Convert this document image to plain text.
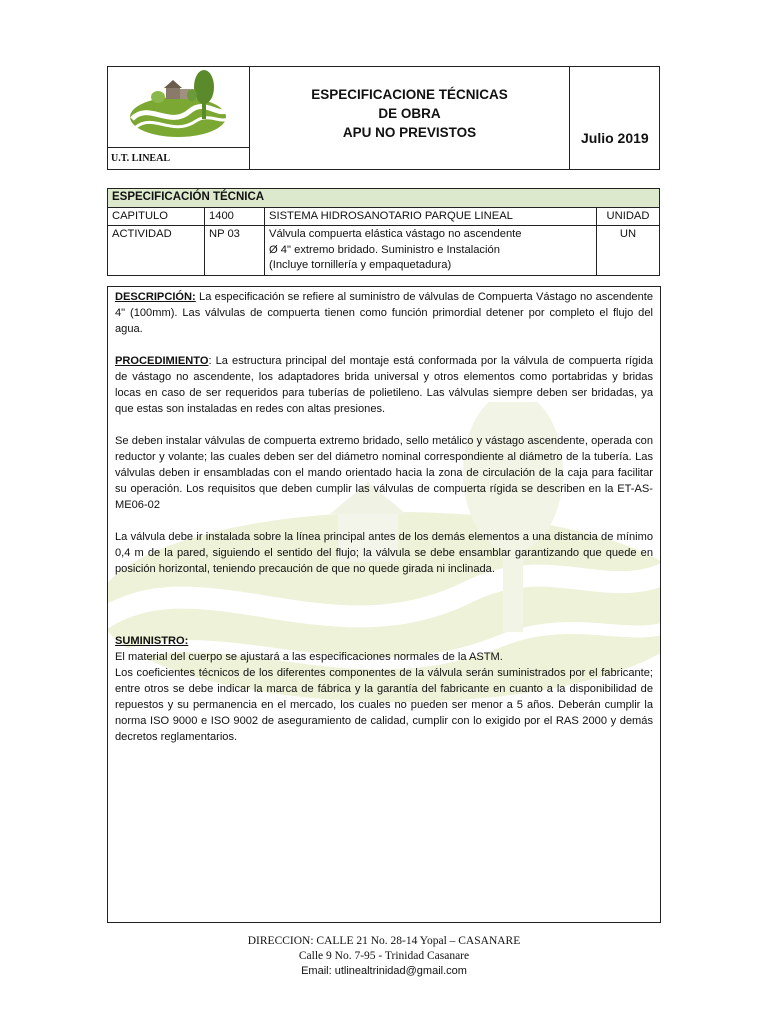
U.T. LINEAL
ESPECIFICACIONE TÉCNICAS
DE OBRA
APU NO PREVISTOS	Julio 2019
ESPECIFICACIÓN TÉCNICA			
CAPITULO	1400	SISTEMA HIDROSANOTARIO PARQUE LINEAL	UNIDAD
ACTIVIDAD	NP 03	Válvula compuerta elástica vástago no ascendente
Ø 4" extremo bridado. Suministro e Instalación
(Incluye tornillería y empaquetadura)	UN

DESCRIPCIÓN: La especificación se refiere al suministro de válvulas de Compuerta Vástago no ascendente 4" (100mm). Las válvulas de compuerta tienen como función primordial detener por completo el flujo del agua.

PROCEDIMIENTO: La estructura principal del montaje está conformada por la válvula de compuerta rígida de vástago no ascendente, los adaptadores brida universal y otros elementos como portabridas y bridas locas en caso de ser requeridos para tuberías de polietileno. Las válvulas siempre deben ser bridadas, ya que estas son instaladas en redes con altas presiones.

Se deben instalar válvulas de compuerta extremo bridado, sello metálico y vástago ascendente, operada con reductor y volante; las cuales deben ser del diámetro nominal correspondiente al diámetro de la tubería. Las válvulas deben ir ensambladas con el mando orientado hacia la zona de circulación de la caja para facilitar su operación. Los requisitos que deben cumplir las válvulas de compuerta rígida se describen en la ET-AS-ME06-02

La válvula debe ir instalada sobre la línea principal antes de los demás elementos a una distancia de mínimo 0,4 m de la pared, siguiendo el sentido del flujo; la válvula se debe ensamblar garantizando que quede en posición horizontal, teniendo precaución de que no quede girada ni inclinada.

SUMINISTRO:
El material del cuerpo se ajustará a las especificaciones normales de la ASTM.
Los coeficientes técnicos de los diferentes componentes de la válvula serán suministrados por el fabricante; entre otros se debe indicar la marca de fábrica y la garantía del fabricante en cuanto a la disponibilidad de repuestos y su permanencia en el mercado, los cuales no pueden ser menor a 5 años. Deberán cumplir la norma ISO 9000 e ISO 9002 de aseguramiento de calidad, cumplir con lo exigido por el RAS 2000 y demás decretos reglamentarios.
DIRECCION: CALLE 21 No. 28-14 Yopal – CASANARE
Calle 9 No. 7-95 - Trinidad Casanare
Email: utlinealtrinidad@gmail.com
